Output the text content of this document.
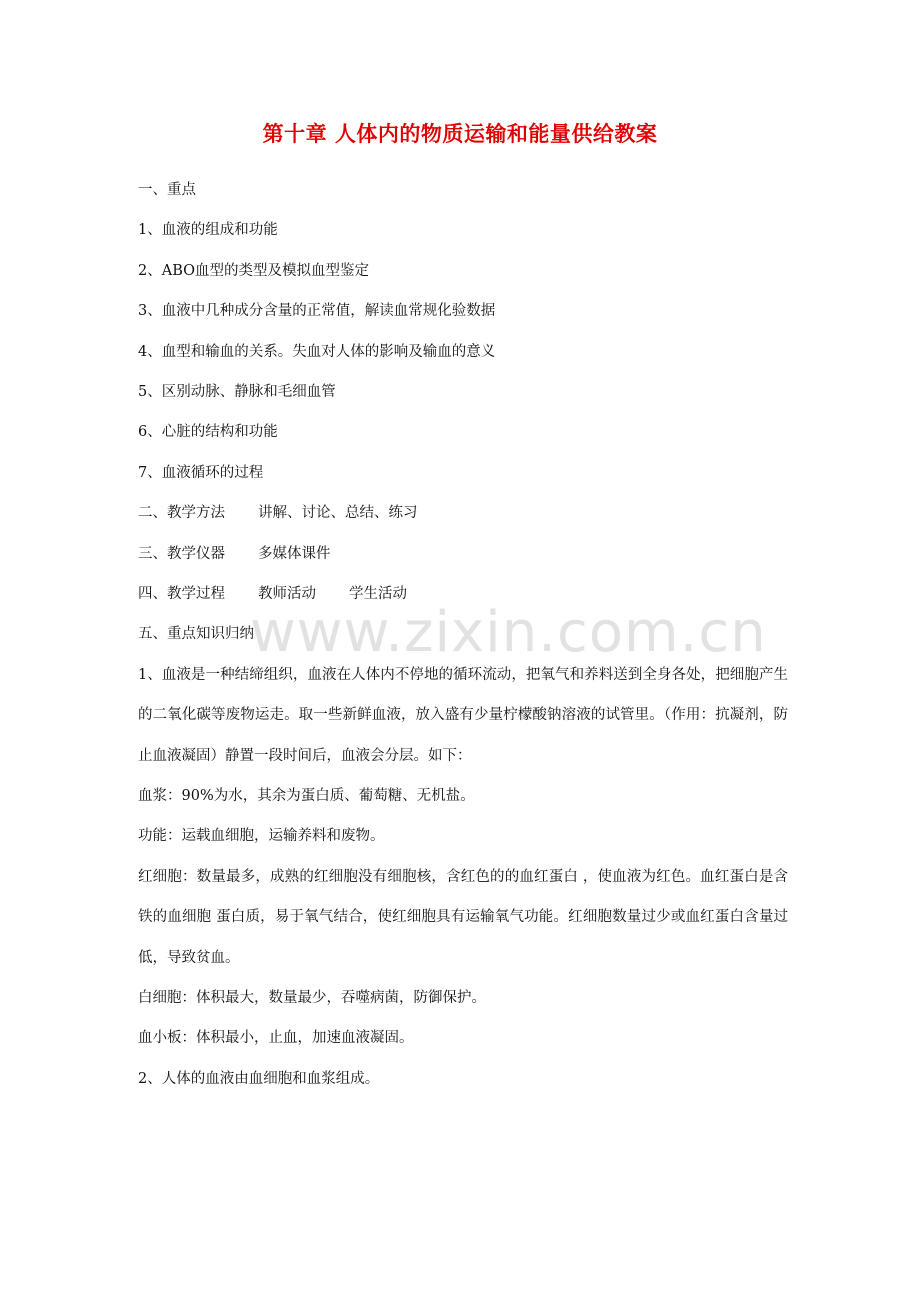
第十章 人体内的物质运输和能量供给教案
www.zixin.com.cn
一、重点
1、血液的组成和功能
2、ABO血型的类型及模拟血型鉴定
3、血液中几种成分含量的正常值，解读血常规化验数据
4、血型和输血的关系。失血对人体的影响及输血的意义
5、区别动脉、静脉和毛细血管
6、心脏的结构和功能
7、血液循环的过程
二、教学方法 讲解、讨论、总结、练习
三、教学仪器 多媒体课件
四、教学过程 教师活动 学生活动
五、重点知识归纳
1、血液是一种结缔组织，血液在人体内不停地的循环流动，把氧气和养料送到全身各处，把细胞产生的二氧化碳等废物运走。取一些新鲜血液，放入盛有少量柠檬酸钠溶液的试管里。（作用：抗凝剂，防止血液凝固）静置一段时间后，血液会分层。如下：
血浆：90%为水，其余为蛋白质、葡萄糖、无机盐。
功能：运载血细胞，运输养料和废物。
红细胞：数量最多，成熟的红细胞没有细胞核，含红色的的血红蛋白 ，使血液为红色。血红蛋白是含铁的血细胞 蛋白质，易于氧气结合，使红细胞具有运输氧气功能。红细胞数量过少或血红蛋白含量过低，导致贫血。
白细胞：体积最大，数量最少，吞噬病菌，防御保护。
血小板：体积最小，止血，加速血液凝固。
2、人体的血液由血细胞和血浆组成。
